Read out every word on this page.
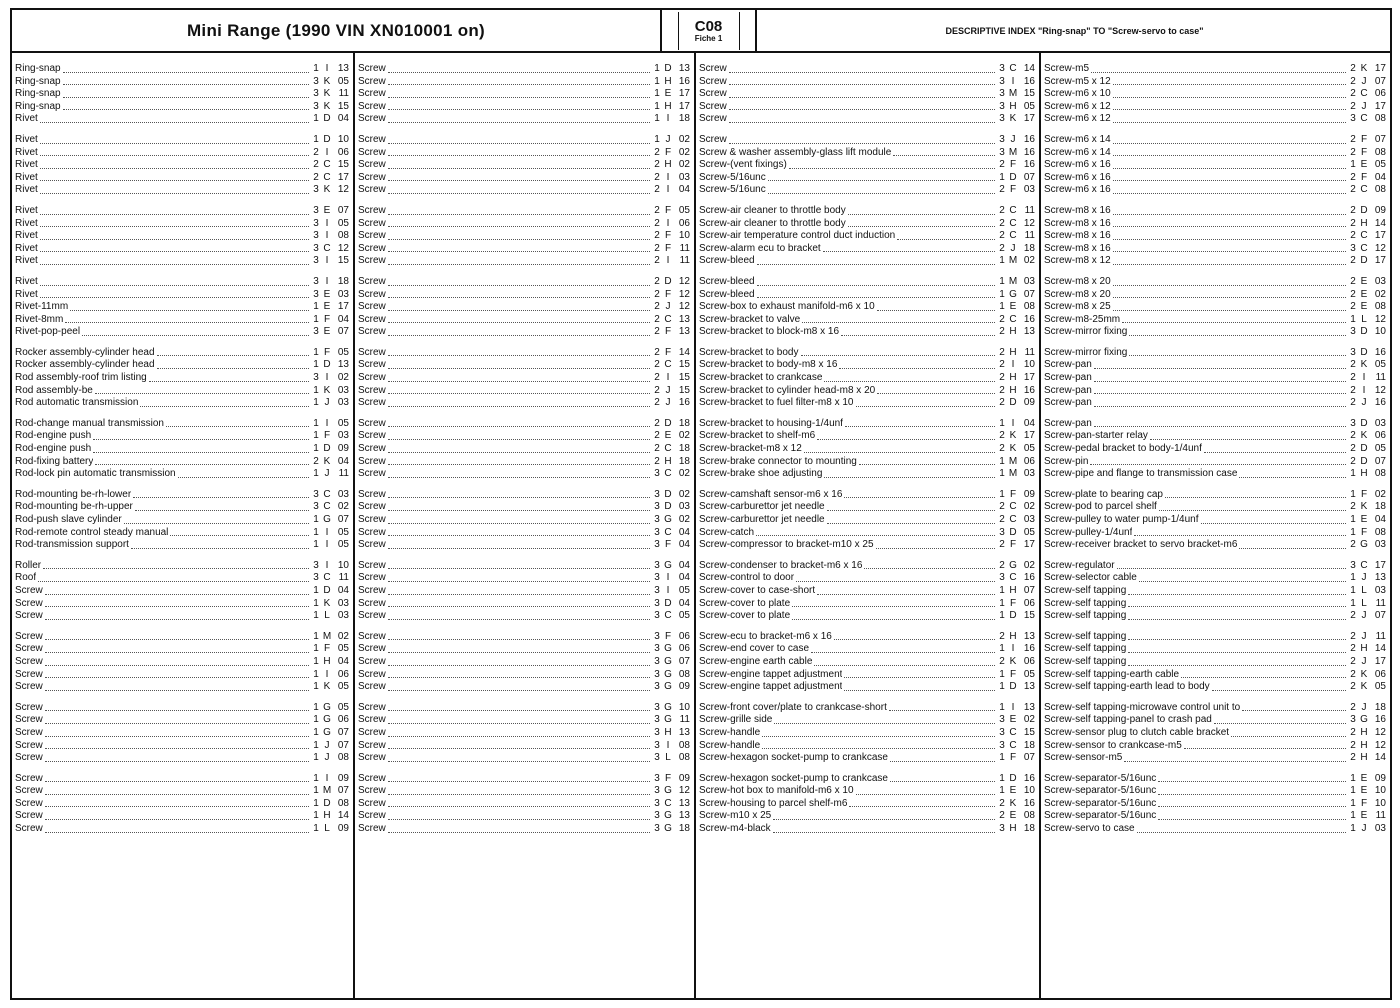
Mini Range (1990 VIN XN010001 on)	C08
Fiche 1
DESCRIPTIVE INDEX "Ring-snap" TO "Screw-servo to case"
Ring-snap	1 I 13
Ring-snap	3 K 05
Ring-snap	3 K 11
Ring-snap	3 K 15
Rivet	1 D 04
Rivet	1 D 10
Rivet	2 I 06
Rivet	2 C 15
Rivet	2 C 17
Rivet	3 K 12
Rivet	3 E 07
Rivet	3 I 05
Rivet	3 I 08
Rivet	3 C 12
Rivet	3 I 15
Rivet	3 I 18
Rivet	3 E 03
Rivet-11mm	1 E 17
Rivet-8mm	1 F 04
Rivet-pop-peel	3 E 07
Rocker assembly-cylinder head	1 F 05
Rocker assembly-cylinder head	1 D 13
Rod assembly-roof trim listing	3 I 02
Rod assembly-be	1 K 03
Rod automatic transmission	1 J 03
Rod-change manual transmission	1 I 05
Rod-engine push	1 F 03
Rod-engine push	1 D 09
Rod-fixing battery	2 K 04
Rod-lock pin automatic transmission	1 J 11
Rod-mounting be-rh-lower	3 C 03
Rod-mounting be-rh-upper	3 C 02
Rod-push slave cylinder	1 G 07
Rod-remote control steady manual	1 I 05
Rod-transmission support	1 I 05
Roller	3 I 10
Roof	3 C 11
Screw	1 D 04
Screw	1 K 03
Screw	1 L 03
Screw	1 M 02
Screw	1 F 05
Screw	1 H 04
Screw	1 I 06
Screw	1 K 05
Screw	1 G 05
Screw	1 G 06
Screw	1 G 07
Screw	1 J 07
Screw	1 J 08
Screw	1 I 09
Screw	1 M 07
Screw	1 D 08
Screw	1 H 14
Screw	1 L 09
Screw	1 D 13
Screw	1 H 16
Screw	1 E 17
Screw	1 H 17
Screw	1 I 18
Screw	1 J 02
Screw	2 F 02
Screw	2 H 02
Screw	2 I 03
Screw	2 I 04
Screw	2 F 05
Screw	2 I 06
Screw	2 F 10
Screw	2 F 11
Screw	2 I	11
Screw	2 D 12
Screw	2 F 12
Screw	2 J 12
Screw	2 C 13
Screw	2 F 13
Screw	2 F 14
Screw	2 C 15
Screw	2 I 15
Screw	2 J 15
Screw	2 J 16
Screw	2 D 18
Screw	2 E 02
Screw	2 C 18
Screw	2 H 18
Screw	3 C 02
Screw	3 D 02
Screw	3 D 03
Screw	3 G 02
Screw	3 C 04
Screw	3 F 04
Screw	3 G 04
Screw	3 I 04
Screw	3 I 05
Screw	3 D 04
Screw	3 C 05
Screw	3 F 06
Screw	3 G 06
Screw	3 G 07
Screw	3 G 08
Screw	3 G 09
Screw	3 G 10
Screw	3 G 11
Screw	3 H 13
Screw	3 I 08
Screw	3 L 08
Screw	3 F 09
Screw	3 G 12
Screw	3 C 13
Screw	3 G 13
Screw	3 G 18
Screw	3 C 14
Screw	3 I 16
Screw	3 M 15
Screw	3 H 05
Screw	3 K 17
Screw	3 J 16
Screw & washer assembly-glass lift module	3 M 16
Screw-(vent fixings)	2 F 16
Screw-5/16unc	1 D 07
Screw-5/16unc	2 F 03
Screw-air cleaner to throttle body	2 C 11
Screw-air cleaner to throttle body	2 C 12
Screw-air temperature control duct induction	2 C 11
Screw-alarm ecu to bracket	2 J 18
Screw-bleed	1 M 02
Screw-bleed	1 M 03
Screw-bleed	1 G 07
Screw-box to exhaust manifold-m6 x 10	1 E 08
Screw-bracket to valve	2 C 16
Screw-bracket to block-m8 x 16	2 H 13
Screw-bracket to body	2 H 11
Screw-bracket to body-m8 x 16	2 I 10
Screw-bracket to crankcase	2 H 17
Screw-bracket to cylinder head-m8 x 20	2 H 16
Screw-bracket to fuel filter-m8 x 10	2 D 09
Screw-bracket to housing-1/4unf	1 I 04
Screw-bracket to shelf-m6	2 K 17
Screw-bracket-m8 x 12	2 K 05
Screw-brake connector to mounting	1 M 06
Screw-brake shoe adjusting	1 M 03
Screw-camshaft sensor-m6 x 16	1 F 09
Screw-carburettor jet needle	2 C 02
Screw-carburettor jet needle	2 C 03
Screw-catch	3 D 05
Screw-compressor to bracket-m10 x 25	2 F 17
Screw-condenser to bracket-m6 x 16	2 G 02
Screw-control to door	3 C 16
Screw-cover to case-short	1 H 07
Screw-cover to plate	1 F 06
Screw-cover to plate	1 D 15
Screw-ecu to bracket-m6 x 16	2 H 13
Screw-end cover to case	1 I 16
Screw-engine earth cable	2 K 06
Screw-engine tappet adjustment	1 F 05
Screw-engine tappet adjustment	1 D 13
Screw-front cover/plate to crankcase-short	1 I 13
Screw-grille side	3 E 02
Screw-handle	3 C 15
Screw-handle	3 C 18
Screw-hexagon socket-pump to crankcase	1 F 07
Screw-hexagon socket-pump to crankcase	1 D 16
Screw-hot box to manifold-m6 x 10	1 E 10
Screw-housing to parcel shelf-m6	2 K 16
Screw-m10 x 25	2 E 08
Screw-m4-black	3 H 18
Screw-m5	2 K 17
Screw-m5 x 12	2 J 07
Screw-m6 x 10	2 C 06
Screw-m6 x 12	2 J 17
Screw-m6 x 12	3 C 08
Screw-m6 x 14	2 F 07
Screw-m6 x 14	2 F 08
Screw-m6 x 16	1 E 05
Screw-m6 x 16	2 F 04
Screw-m6 x 16	2 C 08
Screw-m8 x 16	2 D 09
Screw-m8 x 16	2 H 14
Screw-m8 x 16	2 C 17
Screw-m8 x 16	3 C 12
Screw-m8 x 12	2 D 17
Screw-m8 x 20	2 E 03
Screw-m8 x 20	2 E 02
Screw-m8 x 25	2 E 08
Screw-m8-25mm	1 L 12
Screw-mirror fixing	3 D 10
Screw-mirror fixing	3 D 16
Screw-pan	2 K 05
Screw-pan	2 I	11
Screw-pan	2 I 12
Screw-pan	2 J 16
Screw-pan	3 D 03
Screw-pan-starter relay	2 K 06
Screw-pedal bracket to body-1/4unf	2 D 05
Screw-pin	2 D 07
Screw-pipe and flange to transmission case	1 H 08
Screw-plate to bearing cap	1 F 02
Screw-pod to parcel shelf	2 K 18
Screw-pulley to water pump-1/4unf	1 E 04
Screw-pulley-1/4unf	1 F 08
Screw-receiver bracket to servo bracket-m6	2 G 03
Screw-regulator	3 C 17
Screw-selector cable	1 J 13
Screw-self tapping	1 L 03
Screw-self tapping	1 L 11
Screw-self tapping	2 J 07
Screw-self tapping	2 J 11
Screw-self tapping	2 H 14
Screw-self tapping	2 J 17
Screw-self tapping-earth cable	2 K 06
Screw-self tapping-earth lead to body	2 K 05
Screw-self tapping-microwave control unit to	2 J 18
Screw-self tapping-panel to crash pad	3 G 16
Screw-sensor plug to clutch cable bracket	2 H 12
Screw-sensor to crankcase-m5	2 H 12
Screw-sensor-m5	2 H 14
Screw-separator-5/16unc	1 E 09
Screw-separator-5/16unc	1 E 10
Screw-separator-5/16unc	1 F 10
Screw-separator-5/16unc	1 E 11
Screw-servo to case	1 J 03
